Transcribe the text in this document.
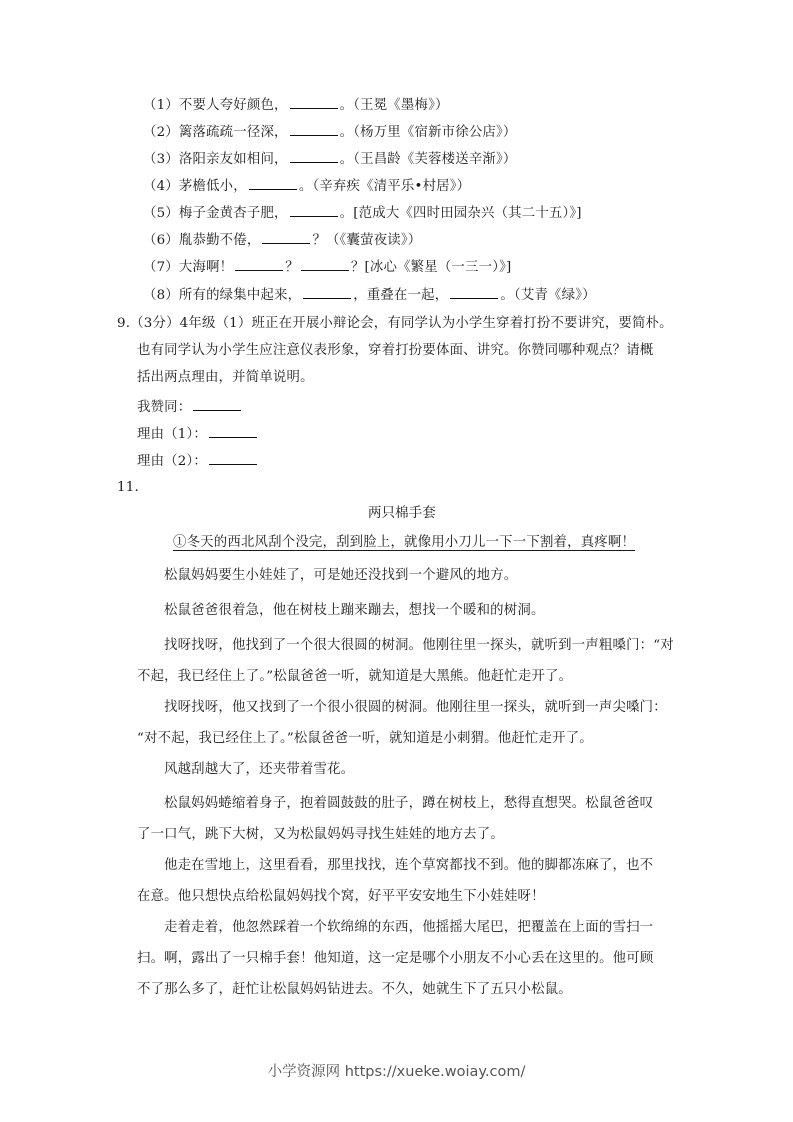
（1）不要人夸好颜色，	。（王冕《墨梅》）
（2）篱落疏疏一径深，	。（杨万里《宿新市徐公店》）
（3）洛阳亲友如相问，	。（王昌龄《芙蓉楼送辛渐》）
（4）茅檐低小，	。（辛弃疾《清平乐•村居》）
（5）梅子金黄杏子肥，	。[范成大《四时田园杂兴（其二十五）》]
（6）胤恭勤不倦，	？（《囊萤夜读》）
（7）大海啊！	？	？[冰心《繁星（一三一）》]
（8）所有的绿集中起来，	，重叠在一起，	。（艾青《绿》）
9.（3分）4年级（1）班正在开展小辩论会，有同学认为小学生穿着打扮不要讲究，要简朴。
也有同学认为小学生应注意仪表形象，穿着打扮要体面、讲究。你赞同哪种观点？请概
括出两点理由，并简单说明。
我赞同：
理由（1）：
理由（2）：
11.
两只棉手套
①冬天的西北风刮个没完，刮到脸上，就像用小刀儿一下一下割着，真疼啊！
松鼠妈妈要生小娃娃了，可是她还没找到一个避风的地方。
松鼠爸爸很着急，他在树枝上蹦来蹦去，想找一个暖和的树洞。
找呀找呀，他找到了一个很大很圆的树洞。他刚往里一探头，就听到一声粗嗓门：“对
不起，我已经住上了。”松鼠爸爸一听，就知道是大黑熊。他赶忙走开了。
找呀找呀，他又找到了一个很小很圆的树洞。他刚往里一探头，就听到一声尖嗓门：
“对不起，我已经住上了。”松鼠爸爸一听，就知道是小刺猬。他赶忙走开了。
风越刮越大了，还夹带着雪花。
松鼠妈妈蜷缩着身子，抱着圆鼓鼓的肚子，蹲在树枝上，愁得直想哭。松鼠爸爸叹
了一口气，跳下大树，又为松鼠妈妈寻找生娃娃的地方去了。
他走在雪地上，这里看看，那里找找，连个草窝都找不到。他的脚都冻麻了，也不
在意。他只想快点给松鼠妈妈找个窝，好平平安安地生下小娃娃呀！
走着走着，他忽然踩着一个软绵绵的东西，他摇摇大尾巴，把覆盖在上面的雪扫一
扫。啊，露出了一只棉手套！他知道，这一定是哪个小朋友不小心丢在这里的。他可顾
不了那么多了，赶忙让松鼠妈妈钻进去。不久，她就生下了五只小松鼠。
小学资源网 https://xueke.woiay.com/
